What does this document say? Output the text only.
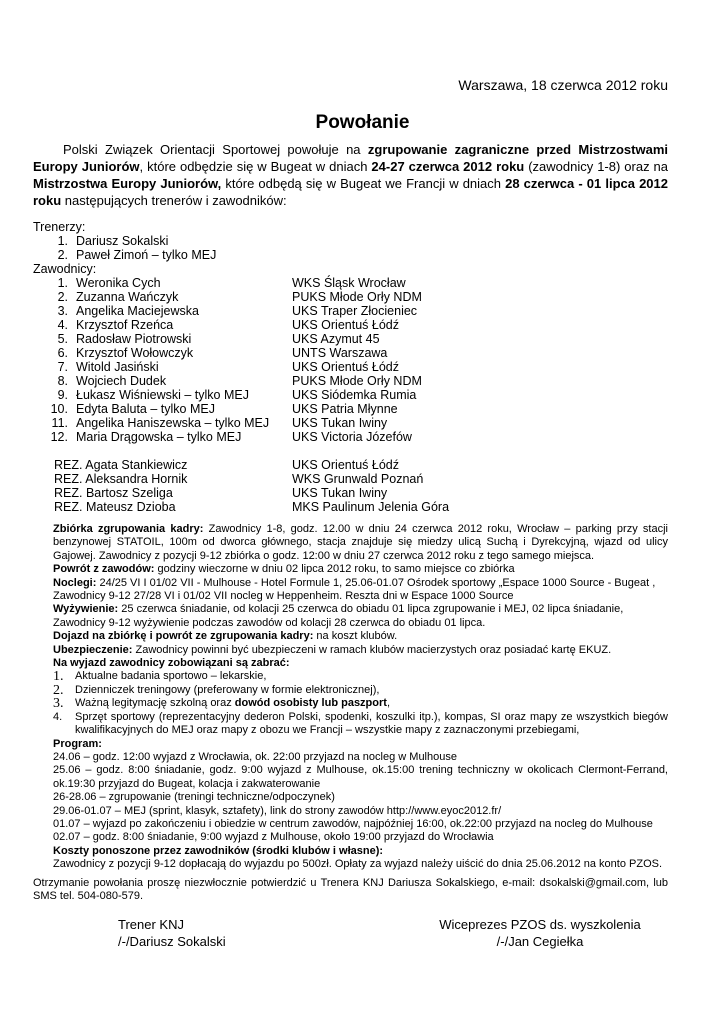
Warszawa, 18 czerwca 2012 roku
Powołanie

Polski Związek Orientacji Sportowej powołuje na zgrupowanie zagraniczne przed Mistrzostwami Europy Juniorów, które odbędzie się w Bugeat w dniach 24-27 czerwca 2012 roku (zawodnicy 1-8) oraz na Mistrzostwa Europy Juniorów, które odbędą się w Bugeat we Francji w dniach 28 czerwca - 01 lipca 2012 roku następujących trenerów i zawodników:

Trenerzy:
1. Dariusz Sokalski
2. Paweł Zimoń – tylko MEJ
Zawodnicy:
1. Weronika Cych	WKS Śląsk Wrocław
2. Zuzanna Wańczyk	PUKS Młode Orły NDM
3. Angelika Maciejewska	UKS Traper Złocieniec
4. Krzysztof Rzeńca	UKS Orientuś Łódź
5. Radosław Piotrowski	UKS Azymut 45
6. Krzysztof Wołowczyk	UNTS Warszawa
7. Witold Jasiński	UKS Orientuś Łódź
8. Wojciech Dudek	PUKS Młode Orły NDM
9. Łukasz Wiśniewski – tylko MEJ	UKS Siódemka Rumia
10. Edyta Baluta – tylko MEJ	UKS Patria Młynne
11. Angelika Haniszewska – tylko MEJ UKS Tukan Iwiny
12. Maria Drągowska – tylko MEJ	UKS Victoria Józefów
REZ. Agata Stankiewicz	UKS Orientuś Łódź
REZ. Aleksandra Hornik	WKS Grunwald Poznań
REZ. Bartosz Szeliga	UKS Tukan Iwiny
REZ. Mateusz Dzioba	MKS Paulinum Jelenia Góra
Zbiórka zgrupowania kadry: Zawodnicy 1-8, godz. 12.00 w dniu 24 czerwca 2012 roku, Wrocław – parking przy stacji benzynowej STATOIL, 100m od dworca głównego, stacja znajduje się miedzy ulicą Suchą i Dyrekcyjną, wjazd od ulicy Gajowej. Zawodnicy z pozycji 9-12 zbiórka o godz. 12:00 w dniu 27 czerwca 2012 roku z tego samego miejsca.
Powrót z zawodów: godziny wieczorne w dniu 02 lipca 2012 roku, to samo miejsce co zbiórka
Noclegi: 24/25 VI I 01/02 VII - Mulhouse - Hotel Formule 1, 25.06-01.07 Ośrodek sportowy „Espace 1000 Source - Bugeat ,
Zawodnicy 9-12 27/28 VI i 01/02 VII nocleg w Heppenheim. Reszta dni w Espace 1000 Source
Wyżywienie: 25 czerwca śniadanie, od kolacji 25 czerwca do obiadu 01 lipca zgrupowanie i MEJ, 02 lipca śniadanie,
Zawodnicy 9-12 wyżywienie podczas zawodów od kolacji 28 czerwca do obiadu 01 lipca.
Dojazd na zbiórkę i powrót ze zgrupowania kadry: na koszt klubów.
Ubezpieczenie: Zawodnicy powinni być ubezpieczeni w ramach klubów macierzystych oraz posiadać kartę EKUZ.
Na wyjazd zawodnicy zobowiązani są zabrać:
1.	Aktualne badania sportowo – lekarskie,
2.	Dzienniczek treningowy (preferowany w formie elektronicznej),
3.	Ważną legitymację szkolną oraz dowód osobisty lub paszport,
4.	Sprzęt sportowy (reprezentacyjny dederon Polski, spodenki, koszulki itp.), kompas, SI oraz mapy ze wszystkich biegów kwalifikacyjnych do MEJ oraz mapy z obozu we Francji – wszystkie mapy z zaznaczonymi przebiegami,
Program:
24.06 – godz. 12:00 wyjazd z Wrocławia, ok. 22:00 przyjazd na nocleg w Mulhouse
25.06 – godz. 8:00 śniadanie, godz. 9:00 wyjazd z Mulhouse, ok.15:00 trening techniczny w okolicach Clermont-Ferrand, ok.19:30 przyjazd do Bugeat, kolacja i zakwaterowanie
26-28.06 – zgrupowanie (treningi techniczne/odpoczynek)
29.06-01.07 – MEJ (sprint, klasyk, sztafety), link do strony zawodów http://www.eyoc2012.fr/
01.07 – wyjazd po zakończeniu i obiedzie w centrum zawodów, najpóźniej 16:00, ok.22:00 przyjazd na nocleg do Mulhouse
02.07 – godz. 8:00 śniadanie, 9:00 wyjazd z Mulhouse, około 19:00 przyjazd do Wrocławia
Koszty ponoszone przez zawodników (środki klubów i własne):
Zawodnicy z pozycji 9-12 dopłacają do wyjazdu po 500zł. Opłaty za wyjazd należy uiścić do dnia 25.06.2012 na konto PZOS.
Otrzymanie powołania proszę niezwłocznie potwierdzić u Trenera KNJ Dariusza Sokalskiego, e-mail: dsokalski@gmail.com, lub SMS tel. 504-080-579.
Trener KNJ
/-/Dariusz Sokalski
Wiceprezes PZOS ds. wyszkolenia
/-/Jan Cegiełka
